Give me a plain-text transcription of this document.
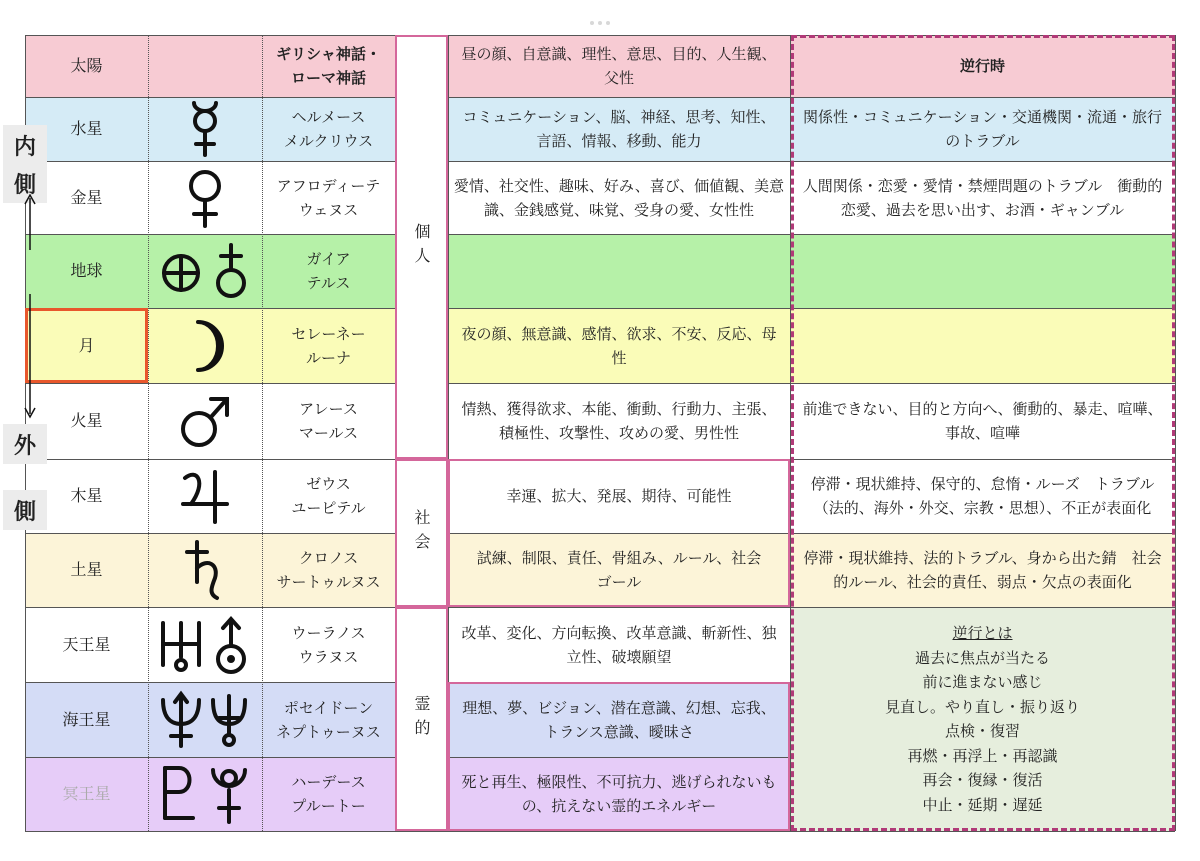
太陽
ギリシャ神話・
ローマ神話
昼の顔、自意識、理性、意思、目的、人生観、父性
逆行時
水星
金星
地球
月
火星
木星
土星
天王星
海王星
冥王星
ヘルメース
メルクリウス
アフロディーテ
ウェヌス
ガイア
テルス
セレーネー
ルーナ
アレース
マールス
ゼウス
ユーピテル
クロノス
サートゥルヌス
ウーラノス
ウラヌス
ポセイドーン
ネプトゥーヌス
ハーデース
プルートー
個人
社会
霊的
コミュニケーション、脳、神経、思考、知性、言語、情報、移動、能力
愛情、社交性、趣味、好み、喜び、価値観、美意識、金銭感覚、味覚、受身の愛、女性性
夜の顔、無意識、感情、欲求、不安、反応、母性
情熱、獲得欲求、本能、衝動、行動力、主張、積極性、攻撃性、攻めの愛、男性性
幸運、拡大、発展、期待、可能性
試練、制限、責任、骨組み、ルール、社会ゴール
改革、変化、方向転換、改革意識、斬新性、独立性、破壊願望
理想、夢、ビジョン、潜在意識、幻想、忘我、トランス意識、曖昧さ
死と再生、極限性、不可抗力、逃げられないもの、抗えない霊的エネルギー
関係性・コミュニケーション・交通機関・流通・旅行のトラブル
人間関係・恋愛・愛情・禁煙問題のトラブル　衝動的恋愛、過去を思い出す、お酒・ギャンブル
前進できない、目的と方向へ、衝動的、暴走、喧嘩、事故、喧嘩
停滞・現状維持、保守的、怠惰・ルーズ　トラブル（法的、海外・外交、宗教・思想）、不正が表面化
停滞・現状維持、法的トラブル、身から出た錆　社会的ルール、社会的責任、弱点・欠点の表面化
逆行とは
過去に焦点が当たる
前に進まない感じ
見直し。やり直し・振り返り
点検・復習
再燃・再浮上・再認識
再会・復縁・復活
中止・延期・遅延
内
側
外
側
